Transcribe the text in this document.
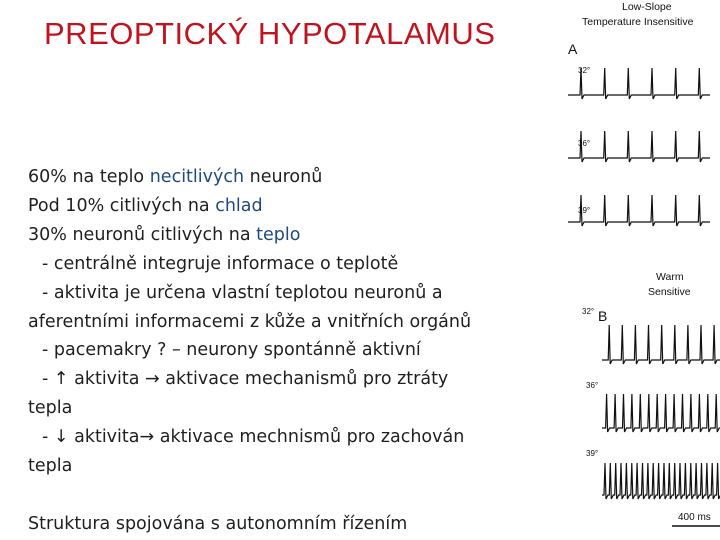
PREOPTICKÝ HYPOTALAMUS
60% na teplo necitlivých neuronů
Pod 10% citlivých na chlad
30% neuronů citlivých na teplo
- centrálně integruje informace o teplotě
- aktivita je určena vlastní teplotou neuronů a
aferentními informacemi z kůže a vnitřních orgánů
- pacemakry ? – neurony spontánně aktivní
- ↑ aktivita → aktivace mechanismů pro ztráty
tepla
- ↓ aktivita→ aktivace mechnismů pro zachován
tepla
Struktura spojována s autonomním řízením
Low-Slope
Temperature Insensitive
A
32°
36°
39°
Warm
Sensitive
32° B
36°
39°
400 ms
